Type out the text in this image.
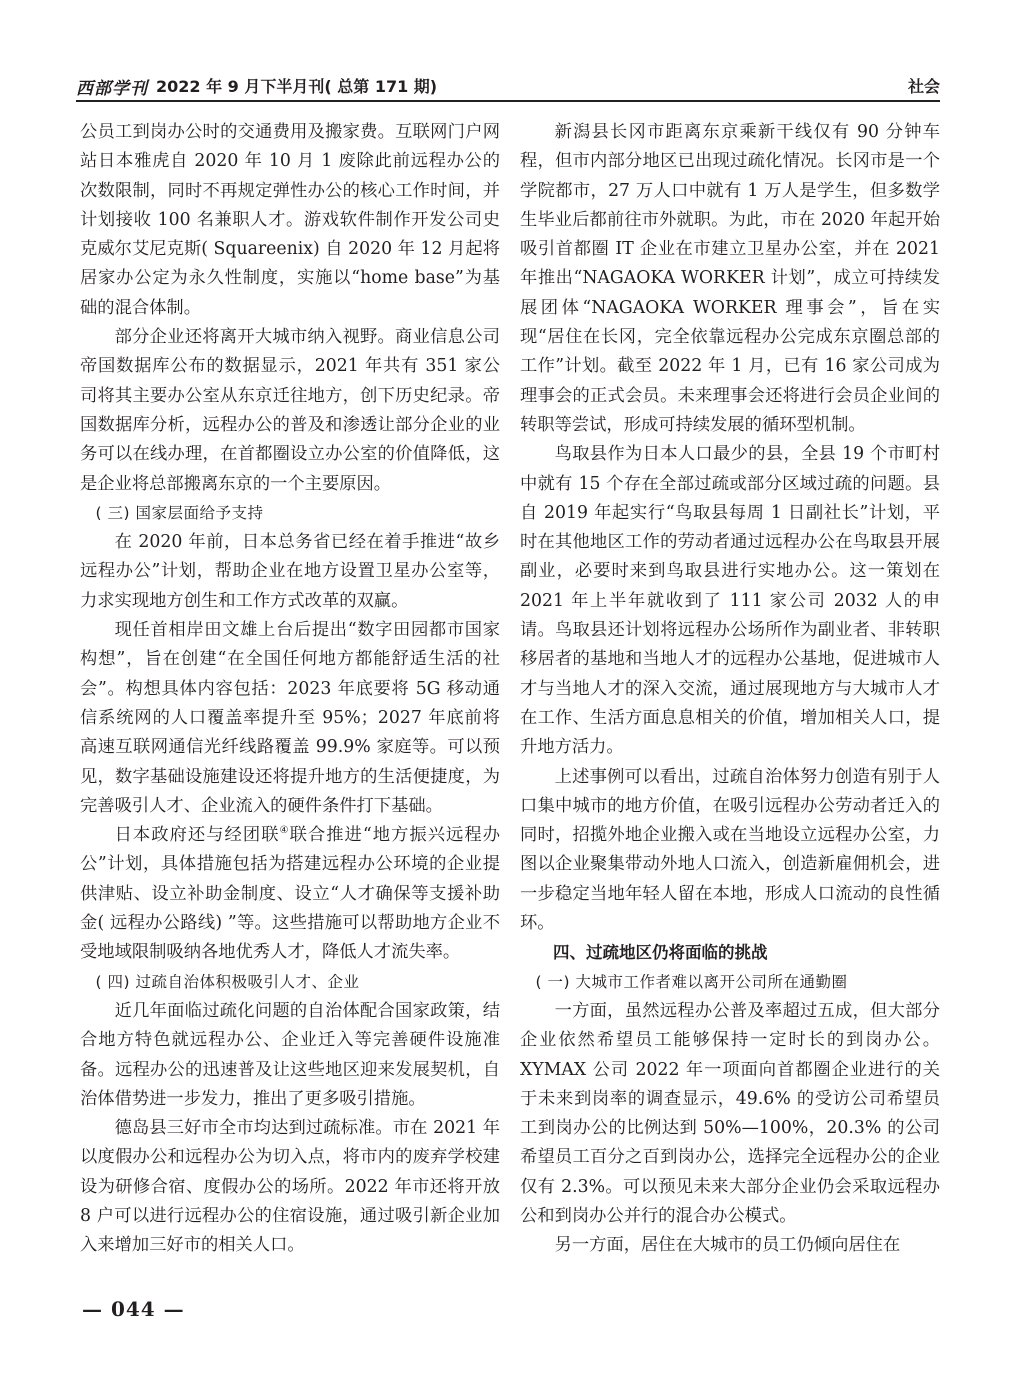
西部学刊 2022 年 9 月下半月刊( 总第 171 期)	社会

公员工到岗办公时的交通费用及搬家费。互联网门户网站日本雅虎自 2020 年 10 月 1 废除此前远程办公的次数限制，同时不再规定弹性办公的核心工作时间，并计划接收 100 名兼职人才。游戏软件制作开发公司史克威尔艾尼克斯( Squareenix) 自 2020 年 12 月起将居家办公定为永久性制度，实施以“home base”为基础的混合体制。

部分企业还将离开大城市纳入视野。商业信息公司帝国数据库公布的数据显示，2021 年共有 351 家公司将其主要办公室从东京迁往地方，创下历史纪录。帝国数据库分析，远程办公的普及和渗透让部分企业的业务可以在线办理，在首都圈设立办公室的价值降低，这是企业将总部搬离东京的一个主要原因。

( 三) 国家层面给予支持

在 2020 年前，日本总务省已经在着手推进“故乡远程办公”计划，帮助企业在地方设置卫星办公室等，力求实现地方创生和工作方式改革的双赢。

现任首相岸田文雄上台后提出“数字田园都市国家构想”，旨在创建“在全国任何地方都能舒适生活的社会”。构想具体内容包括：2023 年底要将 5G 移动通信系统网的人口覆盖率提升至 95%；2027 年底前将高速互联网通信光纤线路覆盖 99.9% 家庭等。可以预见，数字基础设施建设还将提升地方的生活便捷度，为完善吸引人才、企业流入的硬件条件打下基础。

日本政府还与经团联④联合推进“地方振兴远程办公”计划，具体措施包括为搭建远程办公环境的企业提供津贴、设立补助金制度、设立“人才确保等支援补助金( 远程办公路线) ”等。这些措施可以帮助地方企业不受地域限制吸纳各地优秀人才，降低人才流失率。

( 四) 过疏自治体积极吸引人才、企业

近几年面临过疏化问题的自治体配合国家政策，结合地方特色就远程办公、企业迁入等完善硬件设施准备。远程办公的迅速普及让这些地区迎来发展契机，自治体借势进一步发力，推出了更多吸引措施。

德岛县三好市全市均达到过疏标准。市在 2021 年以度假办公和远程办公为切入点，将市内的废弃学校建设为研修合宿、度假办公的场所。2022 年市还将开放 8 户可以进行远程办公的住宿设施，通过吸引新企业加入来增加三好市的相关人口。

新潟县长冈市距离东京乘新干线仅有 90 分钟车程，但市内部分地区已出现过疏化情况。长冈市是一个学院都市，27 万人口中就有 1 万人是学生，但多数学生毕业后都前往市外就职。为此，市在 2020 年起开始吸引首都圈 IT 企业在市建立卫星办公室，并在 2021 年推出“NAGAOKA WORKER 计划”，成立可持续发展团体“NAGAOKA WORKER 理事会”，旨在实现“居住在长冈，完全依靠远程办公完成东京圈总部的工作”计划。截至 2022 年 1 月，已有 16 家公司成为理事会的正式会员。未来理事会还将进行会员企业间的转职等尝试，形成可持续发展的循环型机制。

鸟取县作为日本人口最少的县，全县 19 个市町村中就有 15 个存在全部过疏或部分区域过疏的问题。县自 2019 年起实行“鸟取县每周 1 日副社长”计划，平时在其他地区工作的劳动者通过远程办公在鸟取县开展副业，必要时来到鸟取县进行实地办公。这一策划在 2021 年上半年就收到了 111 家公司 2032 人的申请。鸟取县还计划将远程办公场所作为副业者、非转职移居者的基地和当地人才的远程办公基地，促进城市人才与当地人才的深入交流，通过展现地方与大城市人才在工作、生活方面息息相关的价值，增加相关人口，提升地方活力。

上述事例可以看出，过疏自治体努力创造有别于人口集中城市的地方价值，在吸引远程办公劳动者迁入的同时，招揽外地企业搬入或在当地设立远程办公室，力图以企业聚集带动外地人口流入，创造新雇佣机会，进一步稳定当地年轻人留在本地，形成人口流动的良性循环。

四、过疏地区仍将面临的挑战

( 一) 大城市工作者难以离开公司所在通勤圈

一方面，虽然远程办公普及率超过五成，但大部分企业依然希望员工能够保持一定时长的到岗办公。XYMAX 公司 2022 年一项面向首都圈企业进行的关于未来到岗率的调查显示，49.6% 的受访公司希望员工到岗办公的比例达到 50%—100%，20.3% 的公司希望员工百分之百到岗办公，选择完全远程办公的企业仅有 2.3%。可以预见未来大部分企业仍会采取远程办公和到岗办公并行的混合办公模式。

另一方面，居住在大城市的员工仍倾向居住在

— 044 —
